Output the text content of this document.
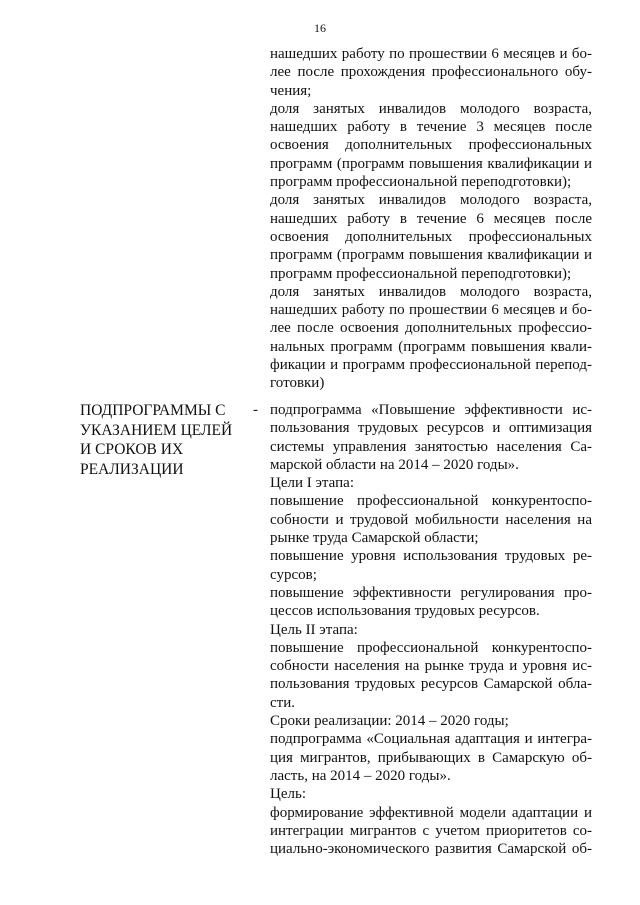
16
нашедших работу по прошествии 6 месяцев и бо-
лее после прохождения профессионального обу-
чения;
доля занятых инвалидов молодого возраста,
нашедших работу в течение 3 месяцев после
освоения дополнительных профессиональных
программ (программ повышения квалификации и
программ профессиональной переподготовки);
доля занятых инвалидов молодого возраста,
нашедших работу в течение 6 месяцев после
освоения дополнительных профессиональных
программ (программ повышения квалификации и
программ профессиональной переподготовки);
доля занятых инвалидов молодого возраста,
нашедших работу по прошествии 6 месяцев и бо-
лее после освоения дополнительных профессио-
нальных программ (программ повышения квали-
фикации и программ профессиональной перепод-
готовки)
ПОДПРОГРАММЫ С
УКАЗАНИЕМ ЦЕЛЕЙ
И СРОКОВ ИХ
РЕАЛИЗАЦИИ
- подпрограмма «Повышение эффективности ис-
пользования трудовых ресурсов и оптимизация
системы управления занятостью населения Са-
марской области на 2014 – 2020 годы».
Цели I этапа:
повышение профессиональной конкурентоспо-
собности и трудовой мобильности населения на
рынке труда Самарской области;
повышение уровня использования трудовых ре-
сурсов;
повышение эффективности регулирования про-
цессов использования трудовых ресурсов.
Цель II этапа:
повышение профессиональной конкурентоспо-
собности населения на рынке труда и уровня ис-
пользования трудовых ресурсов Самарской обла-
сти.
Сроки реализации: 2014 – 2020 годы;
подпрограмма «Социальная адаптация и интегра-
ция мигрантов, прибывающих в Самарскую об-
ласть, на 2014 – 2020 годы».
Цель:
формирование эффективной модели адаптации и
интеграции мигрантов с учетом приоритетов со-
циально-экономического развития Самарской об-
